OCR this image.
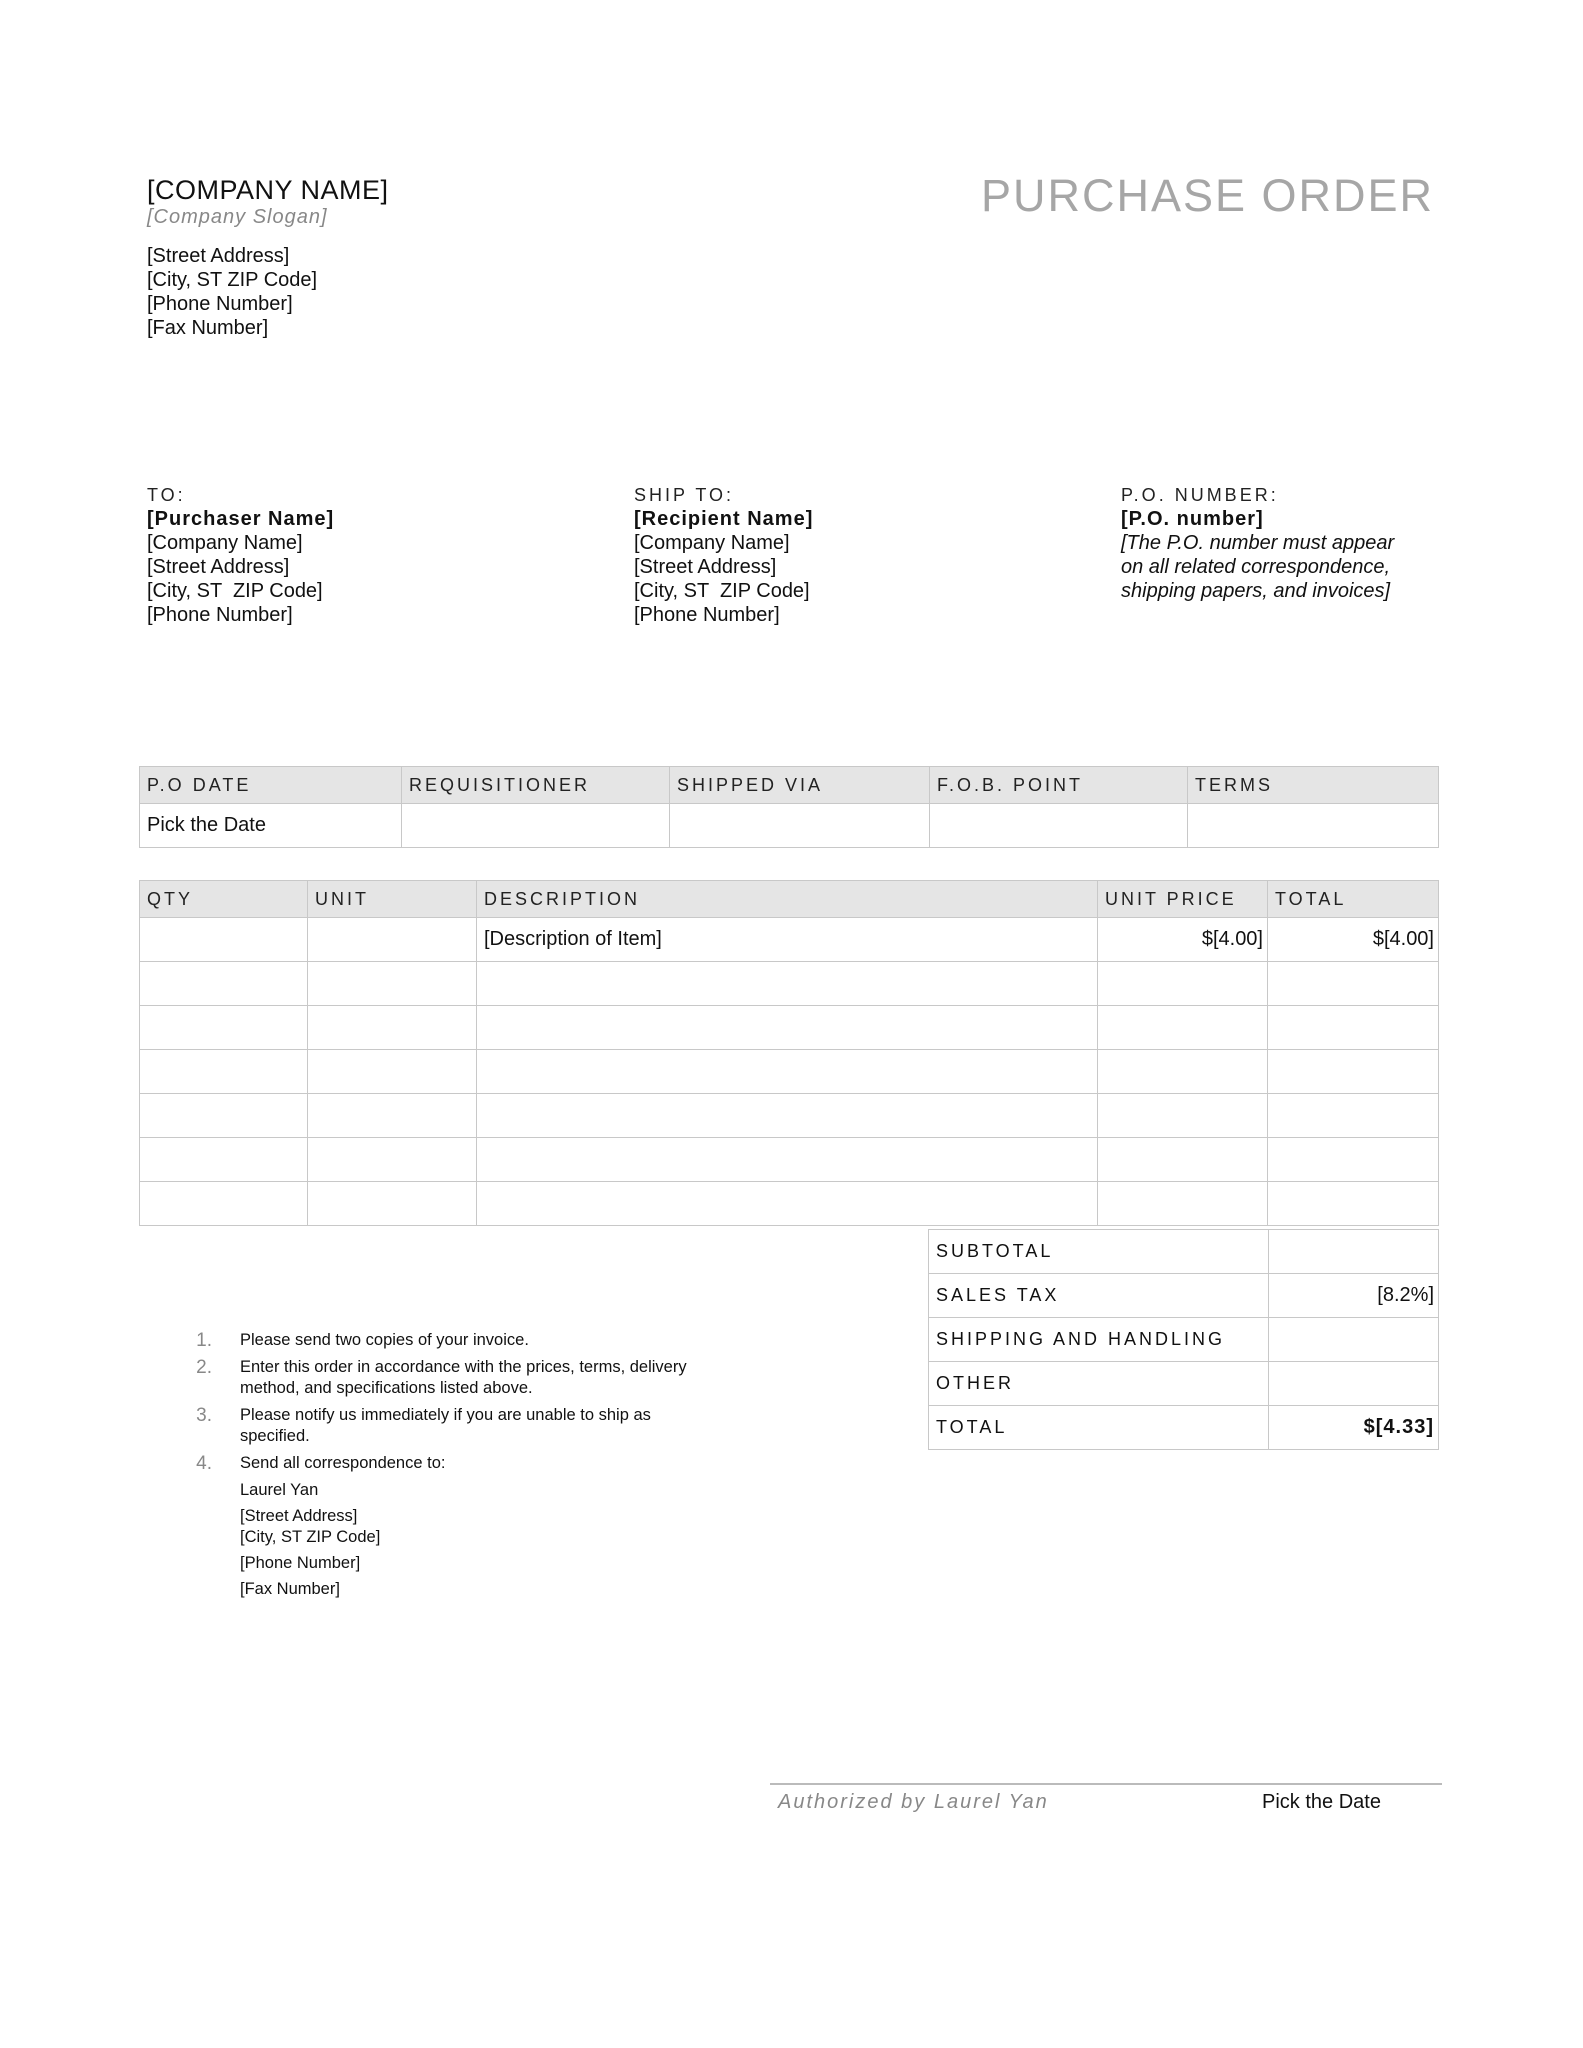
[COMPANY NAME]
[Company Slogan]
[Street Address]
[City, ST ZIP Code]
[Phone Number]
[Fax Number]
PURCHASE ORDER
TO:
[Purchaser Name]
[Company Name]
[Street Address]
[City, ST  ZIP Code]
[Phone Number]
SHIP TO:
[Recipient Name]
[Company Name]
[Street Address]
[City, ST  ZIP Code]
[Phone Number]
P.O. NUMBER:
[P.O. number]
[The P.O. number must appear
on all related correspondence,
shipping papers, and invoices]
P.O DATE	REQUISITIONER	SHIPPED VIA	F.O.B. POINT	TERMS
Pick the Date				
QTY	UNIT	DESCRIPTION	UNIT PRICE	TOTAL
		[Description of Item]	$[4.00]	$[4.00]

SUBTOTAL	
SALES TAX	[8.2%]
SHIPPING AND HANDLING	
OTHER	
TOTAL	$[4.33]
1. Please send two copies of your invoice.
2. Enter this order in accordance with the prices, terms, delivery
method, and specifications listed above.
3. Please notify us immediately if you are unable to ship as
specified.
4. Send all correspondence to:
Laurel Yan
[Street Address]
[City, ST ZIP Code]
[Phone Number]
[Fax Number]
Authorized by Laurel Yan	Pick the Date
